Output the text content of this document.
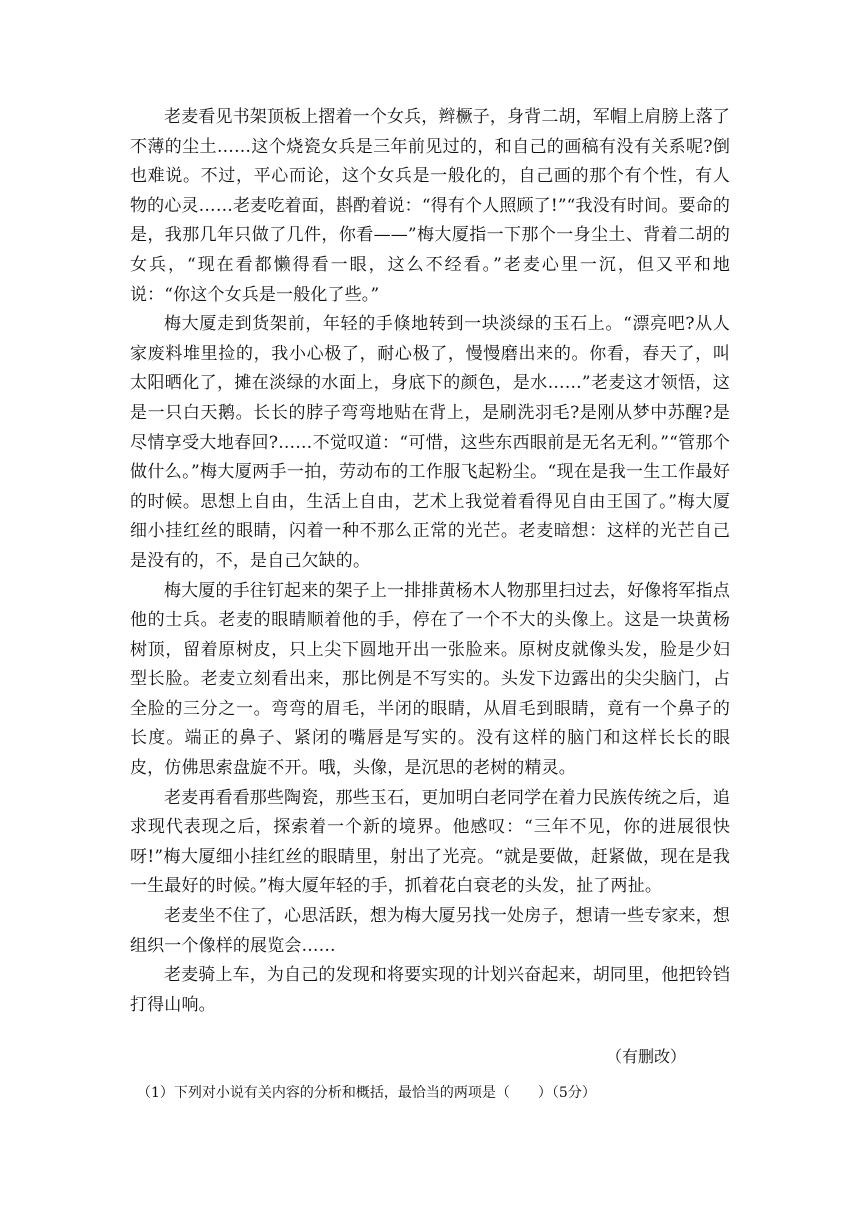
老麦看见书架顶板上摺着一个女兵，辫橛子，身背二胡，军帽上肩膀上落了不薄的尘土……这个烧瓷女兵是三年前见过的，和自己的画稿有没有关系呢?倒也难说。不过，平心而论，这个女兵是一般化的，自己画的那个有个性，有人物的心灵……老麦吃着面，斟酌着说：“得有个人照顾了!”“我没有时间。要命的是，我那几年只做了几件，你看——”梅大厦指一下那个一身尘土、背着二胡的女兵，“现在看都懒得看一眼，这么不经看。”老麦心里一沉，但又平和地说：“你这个女兵是一般化了些。”

梅大厦走到货架前，年轻的手倏地转到一块淡绿的玉石上。“漂亮吧?从人家废料堆里捡的，我小心极了，耐心极了，慢慢磨出来的。你看，春天了，叫太阳晒化了，摊在淡绿的水面上，身底下的颜色，是水……”老麦这才领悟，这是一只白天鹅。长长的脖子弯弯地贴在背上，是刷洗羽毛?是刚从梦中苏醒?是尽情享受大地春回?……不觉叹道：“可惜，这些东西眼前是无名无利。”“管那个做什么。”梅大厦两手一拍，劳动布的工作服飞起粉尘。“现在是我一生工作最好的时候。思想上自由，生活上自由，艺术上我觉着看得见自由王国了。”梅大厦细小挂红丝的眼睛，闪着一种不那么正常的光芒。老麦暗想：这样的光芒自己是没有的，不，是自己欠缺的。

梅大厦的手往钉起来的架子上一排排黄杨木人物那里扫过去，好像将军指点他的士兵。老麦的眼睛顺着他的手，停在了一个不大的头像上。这是一块黄杨树顶，留着原树皮，只上尖下圆地开出一张脸来。原树皮就像头发，脸是少妇型长脸。老麦立刻看出来，那比例是不写实的。头发下边露出的尖尖脑门，占全脸的三分之一。弯弯的眉毛，半闭的眼睛，从眉毛到眼睛，竟有一个鼻子的长度。端正的鼻子、紧闭的嘴唇是写实的。没有这样的脑门和这样长长的眼皮，仿佛思索盘旋不开。哦，头像，是沉思的老树的精灵。

老麦再看看那些陶瓷，那些玉石，更加明白老同学在着力民族传统之后，追求现代表现之后，探索着一个新的境界。他感叹：“三年不见，你的进展很快呀!”梅大厦细小挂红丝的眼睛里，射出了光亮。“就是要做，赶紧做，现在是我一生最好的时候。”梅大厦年轻的手，抓着花白衰老的头发，扯了两扯。

老麦坐不住了，心思活跃，想为梅大厦另找一处房子，想请一些专家来，想组织一个像样的展览会……

老麦骑上车，为自己的发现和将要实现的计划兴奋起来，胡同里，他把铃铛打得山响。

（有删改）
（1）下列对小说有关内容的分析和概括，最恰当的两项是（　　）（5分）
